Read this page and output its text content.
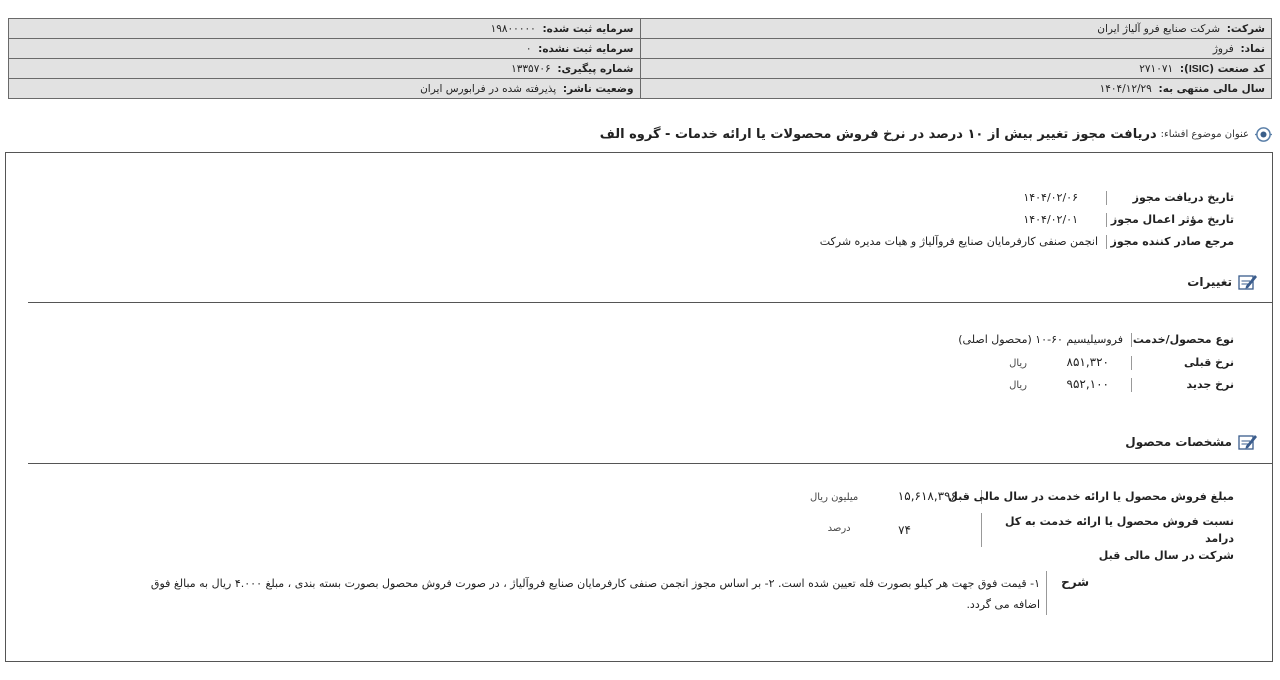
شرکت:  شرکت صنایع فرو آلیاژ ایران	سرمایه ثبت شده:  ۱۹۸۰۰۰۰۰
نماد:  فروژ	سرمایه ثبت نشده:  ۰
کد صنعت (ISIC):  ۲۷۱۰۷۱	شماره پیگیری:  ۱۳۳۵۷۰۶
سال مالی منتهی به:  ۱۴۰۴/۱۲/۲۹	وضعیت ناشر:  پذیرفته شده در فرابورس ایران
عنوان موضوع افشاء:
دریافت مجوز تغییر بیش از ۱۰ درصد در نرخ فروش محصولات یا ارائه خدمات - گروه الف
تاریخ دریافت مجوز  ۱۴۰۴/۰۲/۰۶
تاریخ مؤثر اعمال مجوز  ۱۴۰۴/۰۲/۰۱
مرجع صادر کننده مجوز  انجمن صنفی کارفرمایان صنایع فروآلیاژ و هیات مدیره شرکت
تغییرات
نوع محصول/خدمت  فروسیلیسیم ۶۰-۱۰ (محصول اصلی)
نرخ قبلی  ۸۵۱,۳۲۰ ریال
نرخ جدید  ۹۵۲,۱۰۰ ریال
مشخصات محصول
مبلغ فروش محصول یا ارائه خدمت در سال مالی قبل  ۱۵,۶۱۸,۳۹۶ میلیون ریال
نسبت فروش محصول یا ارائه خدمت به کل درامد
شرکت در سال مالی قبل  ۷۴ درصد
شرح
۱- قیمت فوق جهت هر کیلو بصورت فله تعیین شده است. ۲- بر اساس مجوز انجمن صنفی کارفرمایان صنایع فروآلیاژ ، در صورت فروش محصول بصورت بسته بندی ، مبلغ ۴.۰۰۰ ریال به مبالغ فوق
اضافه می گردد.
